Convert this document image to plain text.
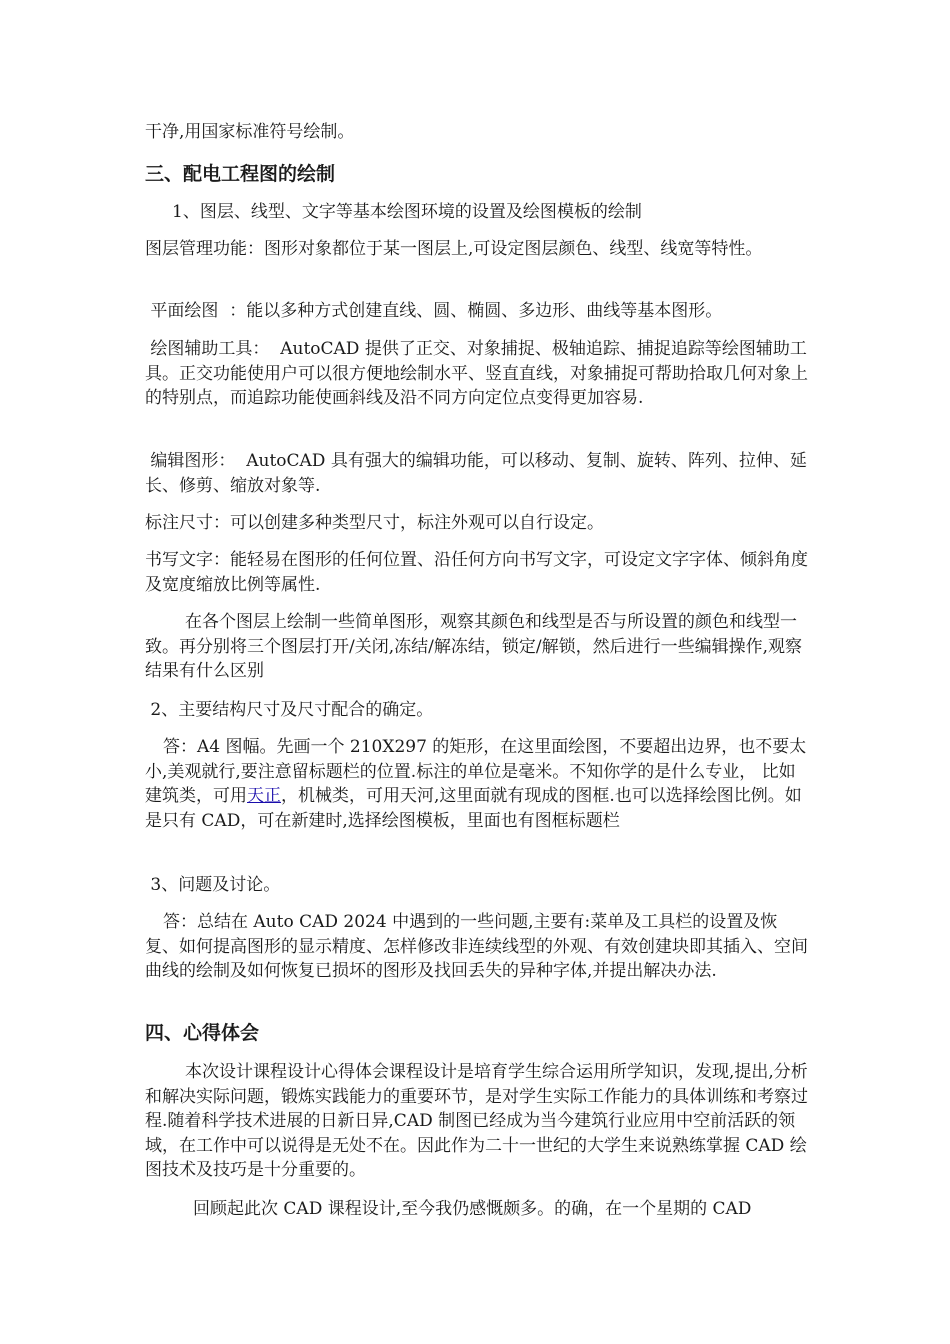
干净,用国家标准符号绘制。
三、配电工程图的绘制
1、图层、线型、文字等基本绘图环境的设置及绘图模板的绘制
图层管理功能：图形对象都位于某一图层上,可设定图层颜色、线型、线宽等特性。
平面绘图  ：能以多种方式创建直线、圆、椭圆、多边形、曲线等基本图形。
绘图辅助工具：  AutoCAD 提供了正交、对象捕捉、极轴追踪、捕捉追踪等绘图辅助工具。正交功能使用户可以很方便地绘制水平、竖直直线，对象捕捉可帮助拾取几何对象上的特别点，而追踪功能使画斜线及沿不同方向定位点变得更加容易.
编辑图形：  AutoCAD 具有强大的编辑功能，可以移动、复制、旋转、阵列、拉伸、延长、修剪、缩放对象等.
标注尺寸：可以创建多种类型尺寸，标注外观可以自行设定。
书写文字：能轻易在图形的任何位置、沿任何方向书写文字，可设定文字字体、倾斜角度及宽度缩放比例等属性.
在各个图层上绘制一些简单图形，观察其颜色和线型是否与所设置的颜色和线型一致。再分别将三个图层打开/关闭,冻结/解冻结，锁定/解锁，然后进行一些编辑操作,观察结果有什么区别
2、主要结构尺寸及尺寸配合的确定。
答：A4 图幅。先画一个 210X297 的矩形，在这里面绘图，不要超出边界，也不要太小,美观就行,要注意留标题栏的位置.标注的单位是毫米。不知你学的是什么专业， 比如建筑类，可用天正，机械类，可用天河,这里面就有现成的图框.也可以选择绘图比例。如是只有 CAD，可在新建时,选择绘图模板，里面也有图框标题栏
3、问题及讨论。
答：总结在 Auto CAD 2024 中遇到的一些问题,主要有:菜单及工具栏的设置及恢复、如何提高图形的显示精度、怎样修改非连续线型的外观、有效创建块即其插入、空间曲线的绘制及如何恢复已损坏的图形及找回丢失的异种字体,并提出解决办法.
四、心得体会
本次设计课程设计心得体会课程设计是培育学生综合运用所学知识，发现,提出,分析和解决实际问题，锻炼实践能力的重要环节，是对学生实际工作能力的具体训练和考察过程.随着科学技术进展的日新日异,CAD 制图已经成为当今建筑行业应用中空前活跃的领域，在工作中可以说得是无处不在。因此作为二十一世纪的大学生来说熟练掌握 CAD 绘图技术及技巧是十分重要的。
回顾起此次 CAD 课程设计,至今我仍感慨颇多。的确，在一个星期的 CAD
